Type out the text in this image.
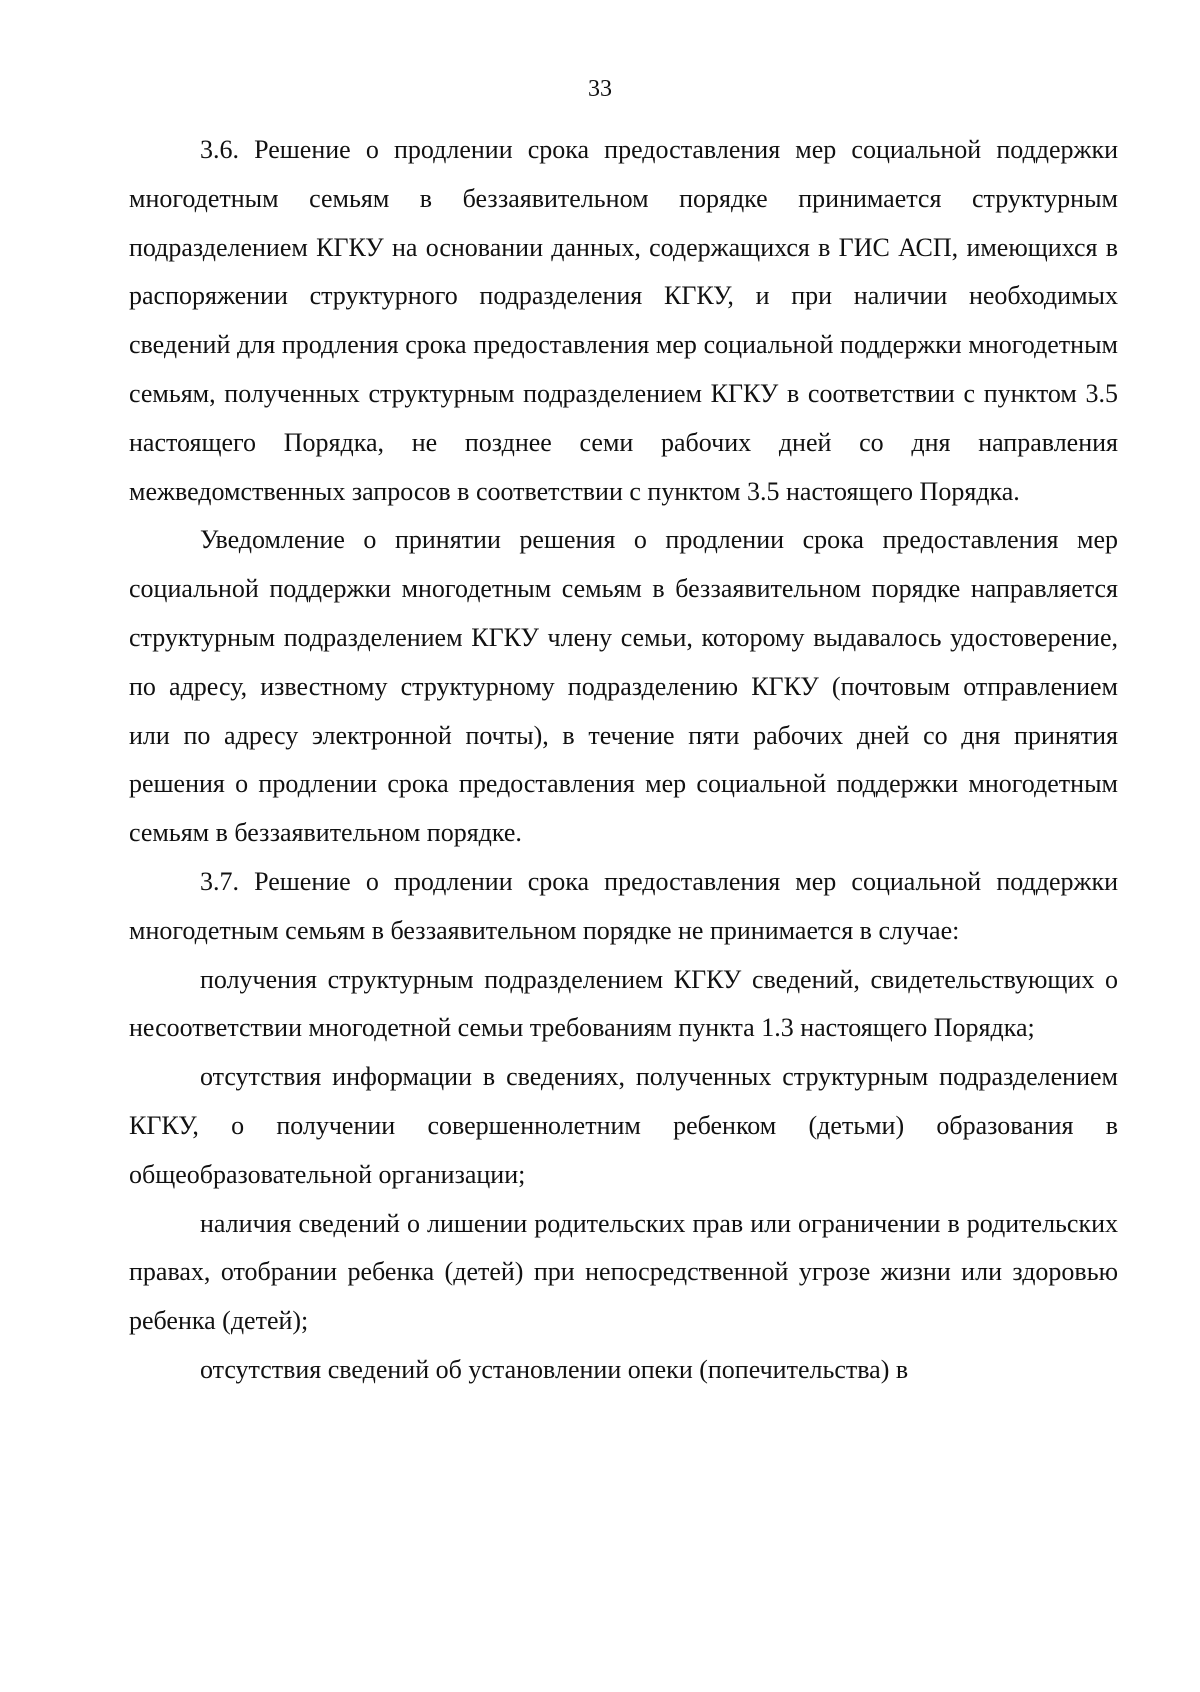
33

3.6. Решение о продлении срока предоставления мер социальной поддержки многодетным семьям в беззаявительном порядке принимается структурным подразделением КГКУ на основании данных, содержащихся в ГИС АСП, имеющихся в распоряжении структурного подразделения КГКУ, и при наличии необходимых сведений для продления срока предоставления мер социальной поддержки многодетным семьям, полученных структурным подразделением КГКУ в соответствии с пунктом 3.5 настоящего Порядка, не позднее семи рабочих дней со дня направления межведомственных запросов в соответствии с пунктом 3.5 настоящего Порядка.

Уведомление о принятии решения о продлении срока предоставления мер социальной поддержки многодетным семьям в беззаявительном порядке направляется структурным подразделением КГКУ члену семьи, которому выдавалось удостоверение, по адресу, известному структурному подразделению КГКУ (почтовым отправлением или по адресу электронной почты), в течение пяти рабочих дней со дня принятия решения о продлении срока предоставления мер социальной поддержки многодетным семьям в беззаявительном порядке.

3.7. Решение о продлении срока предоставления мер социальной поддержки многодетным семьям в беззаявительном порядке не принимается в случае:

получения структурным подразделением КГКУ сведений, свидетельствующих о несоответствии многодетной семьи требованиям пункта 1.3 настоящего Порядка;

отсутствия информации в сведениях, полученных структурным подразделением КГКУ, о получении совершеннолетним ребенком (детьми) образования в общеобразовательной организации;

наличия сведений о лишении родительских прав или ограничении в родительских правах, отобрании ребенка (детей) при непосредственной угрозе жизни или здоровью ребенка (детей);

отсутствия сведений об установлении опеки (попечительства) в
